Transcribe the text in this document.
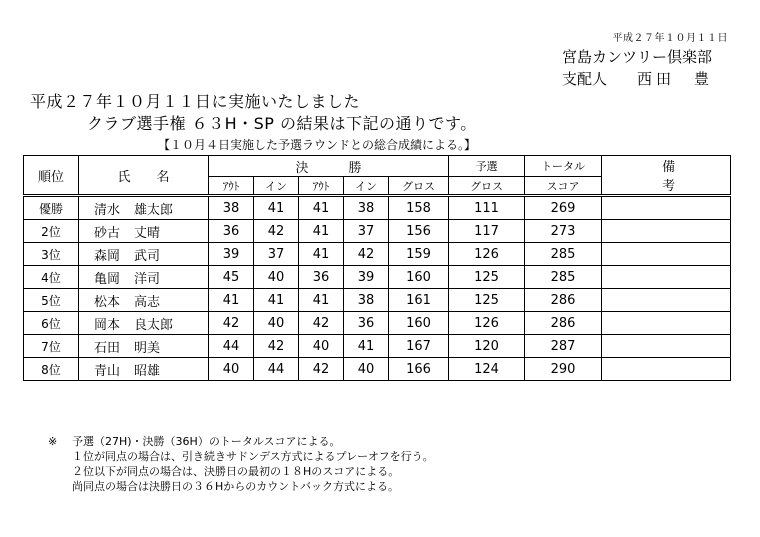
平成２７年１０月１１日
宮島カンツリー倶楽部
支配人 西田　豊
平成２７年１０月１１日に実施いたしました
クラブ選手権 ６３H・SP の結果は下記の通りです。
【１０月４日実施した予選ラウンドとの総合成績による。】
順位	氏　　名	決勝					予選	トータル	備考
		ｱｳﾄ	イン	ｱｳﾄ	イン	グロス	グロス	スコア	
優勝	清水 雄太郎	38	41	41	38	158	111	269	
2位	砂古 丈晴	36	42	41	37	156	117	273	
3位	森岡 武司	39	37	41	42	159	126	285	
4位	亀岡 洋司	45	40	36	39	160	125	285	
5位	松本 高志	41	41	41	38	161	125	286	
6位	岡本 良太郎	42	40	42	36	160	126	286	
7位	石田 明美	44	42	40	41	167	120	287	
8位	青山 昭雄	40	44	42	40	166	124	290	
※ 予選（27H)・決勝（36H）のトータルスコアによる。
１位が同点の場合は、引き続きサドンデス方式によるプレーオフを行う。
２位以下が同点の場合は、決勝日の最初の１８Hのスコアによる。
尚同点の場合は決勝日の３６Hからのカウントバック方式による。
